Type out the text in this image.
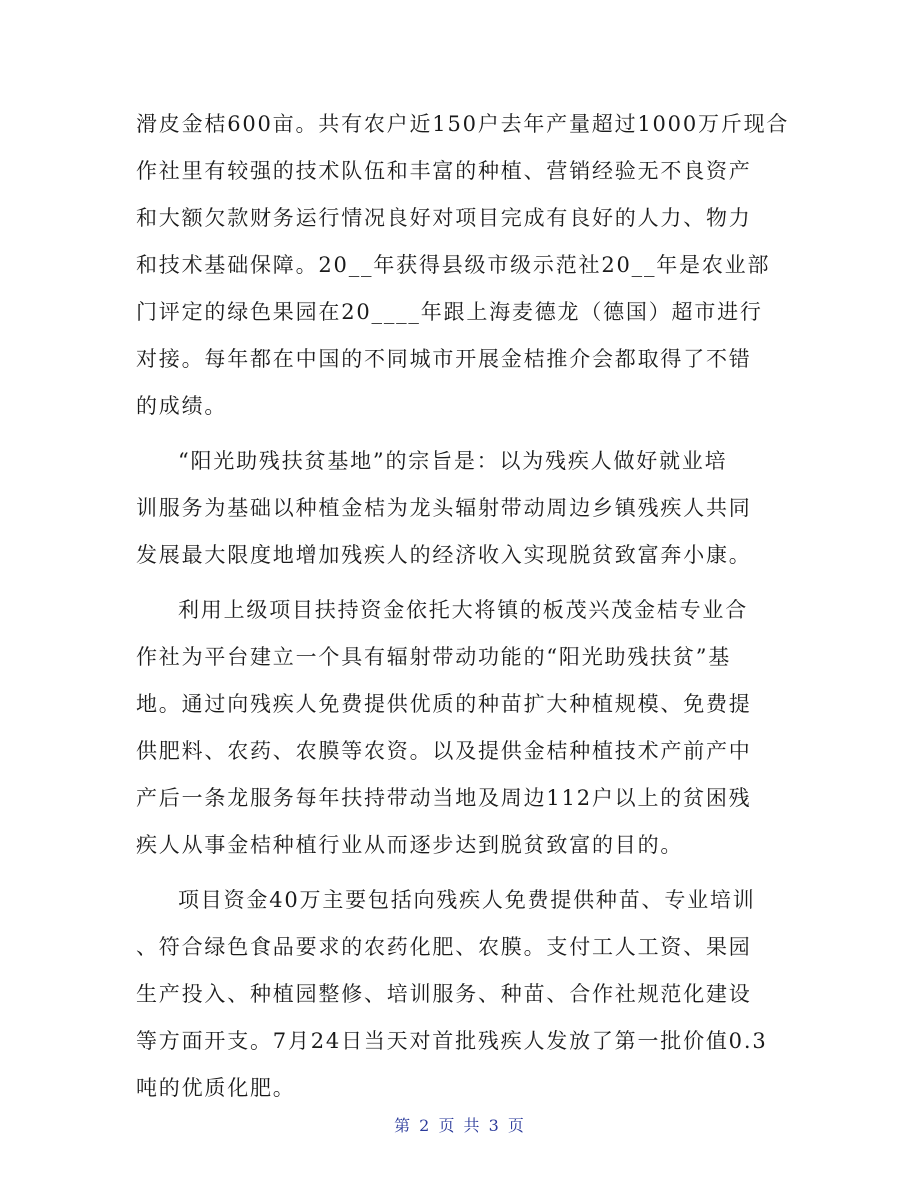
滑皮金桔600亩。共有农户近150户去年产量超过1000万斤现合
作社里有较强的技术队伍和丰富的种植、营销经验无不良资产
和大额欠款财务运行情况良好对项目完成有良好的人力、物力
和技术基础保障。20__年获得县级市级示范社20__年是农业部
门评定的绿色果园在20____年跟上海麦德龙（德国）超市进行
对接。每年都在中国的不同城市开展金桔推介会都取得了不错
的成绩。
“阳光助残扶贫基地”的宗旨是：以为残疾人做好就业培
训服务为基础以种植金桔为龙头辐射带动周边乡镇残疾人共同
发展最大限度地增加残疾人的经济收入实现脱贫致富奔小康。
利用上级项目扶持资金依托大将镇的板茂兴茂金桔专业合
作社为平台建立一个具有辐射带动功能的“阳光助残扶贫”基
地。通过向残疾人免费提供优质的种苗扩大种植规模、免费提
供肥料、农药、农膜等农资。以及提供金桔种植技术产前产中
产后一条龙服务每年扶持带动当地及周边112户以上的贫困残
疾人从事金桔种植行业从而逐步达到脱贫致富的目的。
项目资金40万主要包括向残疾人免费提供种苗、专业培训
、符合绿色食品要求的农药化肥、农膜。支付工人工资、果园
生产投入、种植园整修、培训服务、种苗、合作社规范化建设
等方面开支。7月24日当天对首批残疾人发放了第一批价值0.3
吨的优质化肥。
第 2 页 共 3 页
